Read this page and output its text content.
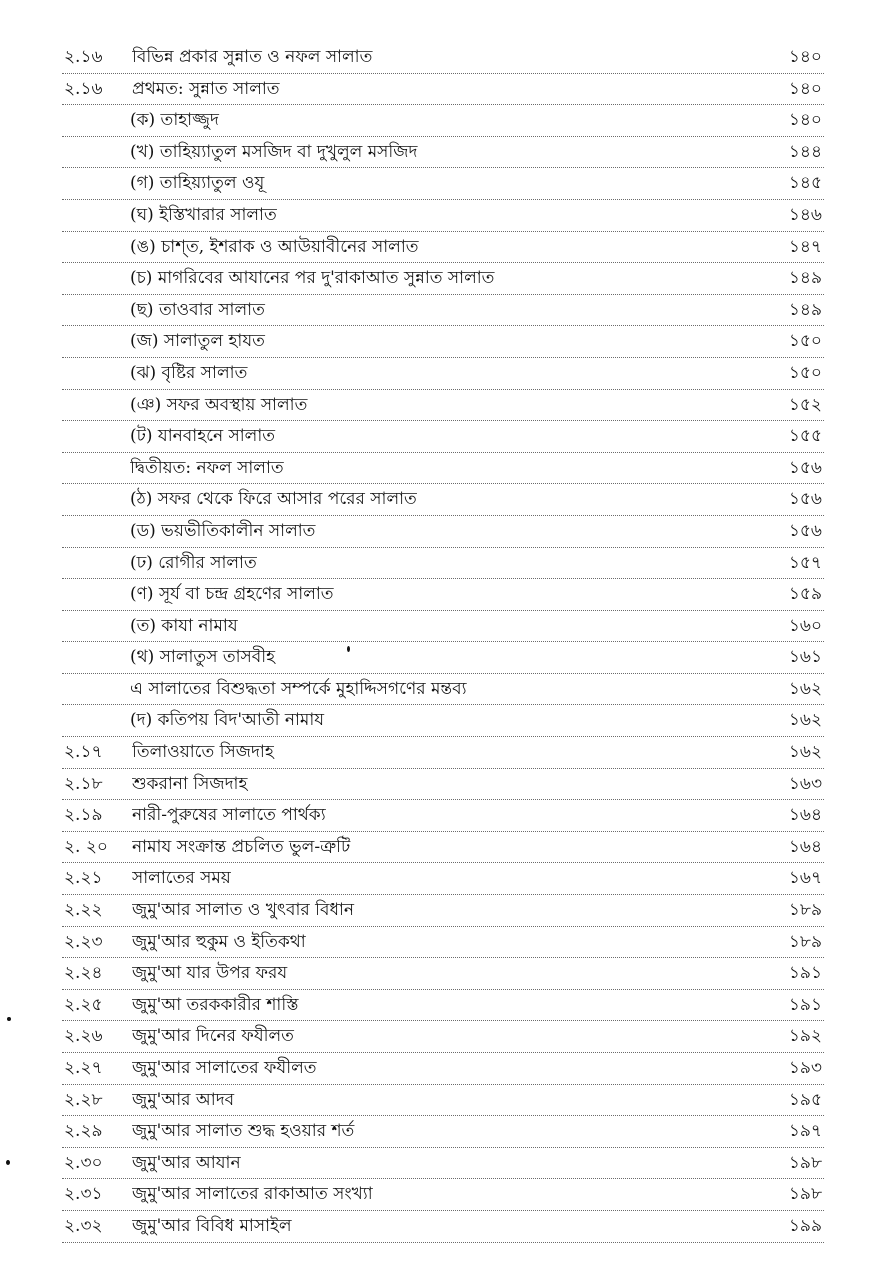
২.১৬	বিভিন্ন প্রকার সুন্নাত ও নফল সালাত	১৪০
২.১৬	প্রথমত: সুন্নাত সালাত	১৪০
(ক) তাহাজ্জুদ	১৪০
(খ) তাহিয়্যাতুল মসজিদ বা দুখুলুল মসজিদ	১৪৪
(গ) তাহিয়্যাতুল ওযূ	১৪৫
(ঘ) ইস্তিখারার সালাত	১৪৬
(ঙ) চাশ্‌ত, ইশরাক ও আউয়াবীনের সালাত	১৪৭
(চ) মাগরিবের আযানের পর দু'রাকাআত সুন্নাত সালাত	১৪৯
(ছ) তাওবার সালাত	১৪৯
(জ) সালাতুল হাযত	১৫০
(ঝ) বৃষ্টির সালাত	১৫০
(ঞ) সফর অবস্থায় সালাত	১৫২
(ট) যানবাহনে সালাত	১৫৫
দ্বিতীয়ত: নফল সালাত	১৫৬
(ঠ) সফর থেকে ফিরে আসার পরের সালাত	১৫৬
(ড) ভয়ভীতিকালীন সালাত	১৫৬
(ঢ) রোগীর সালাত	১৫৭
(ণ) সূর্য বা চন্দ্র গ্রহণের সালাত	১৫৯
(ত) কাযা নামায	১৬০
(থ) সালাতুস তাসবীহ	১৬১
এ সালাতের বিশুদ্ধতা সম্পর্কে মুহাদ্দিসগণের মন্তব্য	১৬২
(দ) কতিপয় বিদ'আতী নামায	১৬২
২.১৭	তিলাওয়াতে সিজদাহ	১৬২
২.১৮	শুকরানা সিজদাহ	১৬৩
২.১৯	নারী-পুরুষের সালাতে পার্থক্য	১৬৪
২. ২০	নামায সংক্রান্ত প্রচলিত ভুল-ত্রুটি	১৬৪
২.২১	সালাতের সময়	১৬৭
২.২২	জুমু'আর সালাত ও খুৎবার বিধান	১৮৯
২.২৩	জুমু'আর হুকুম ও ইতিকথা	১৮৯
২.২৪	জুমু'আ যার উপর ফরয	১৯১
২.২৫	জুমু'আ তরককারীর শাস্তি	১৯১
২.২৬	জুমু'আর দিনের ফযীলত	১৯২
২.২৭	জুমু'আর সালাতের ফযীলত	১৯৩
২.২৮	জুমু'আর আদব	১৯৫
২.২৯	জুমু'আর সালাত শুদ্ধ হওয়ার শর্ত	১৯৭
২.৩০	জুমু'আর আযান	১৯৮
২.৩১	জুমু'আর সালাতের রাকাআত সংখ্যা	১৯৮
২.৩২	জুমু'আর বিবিধ মাসাইল	১৯৯
